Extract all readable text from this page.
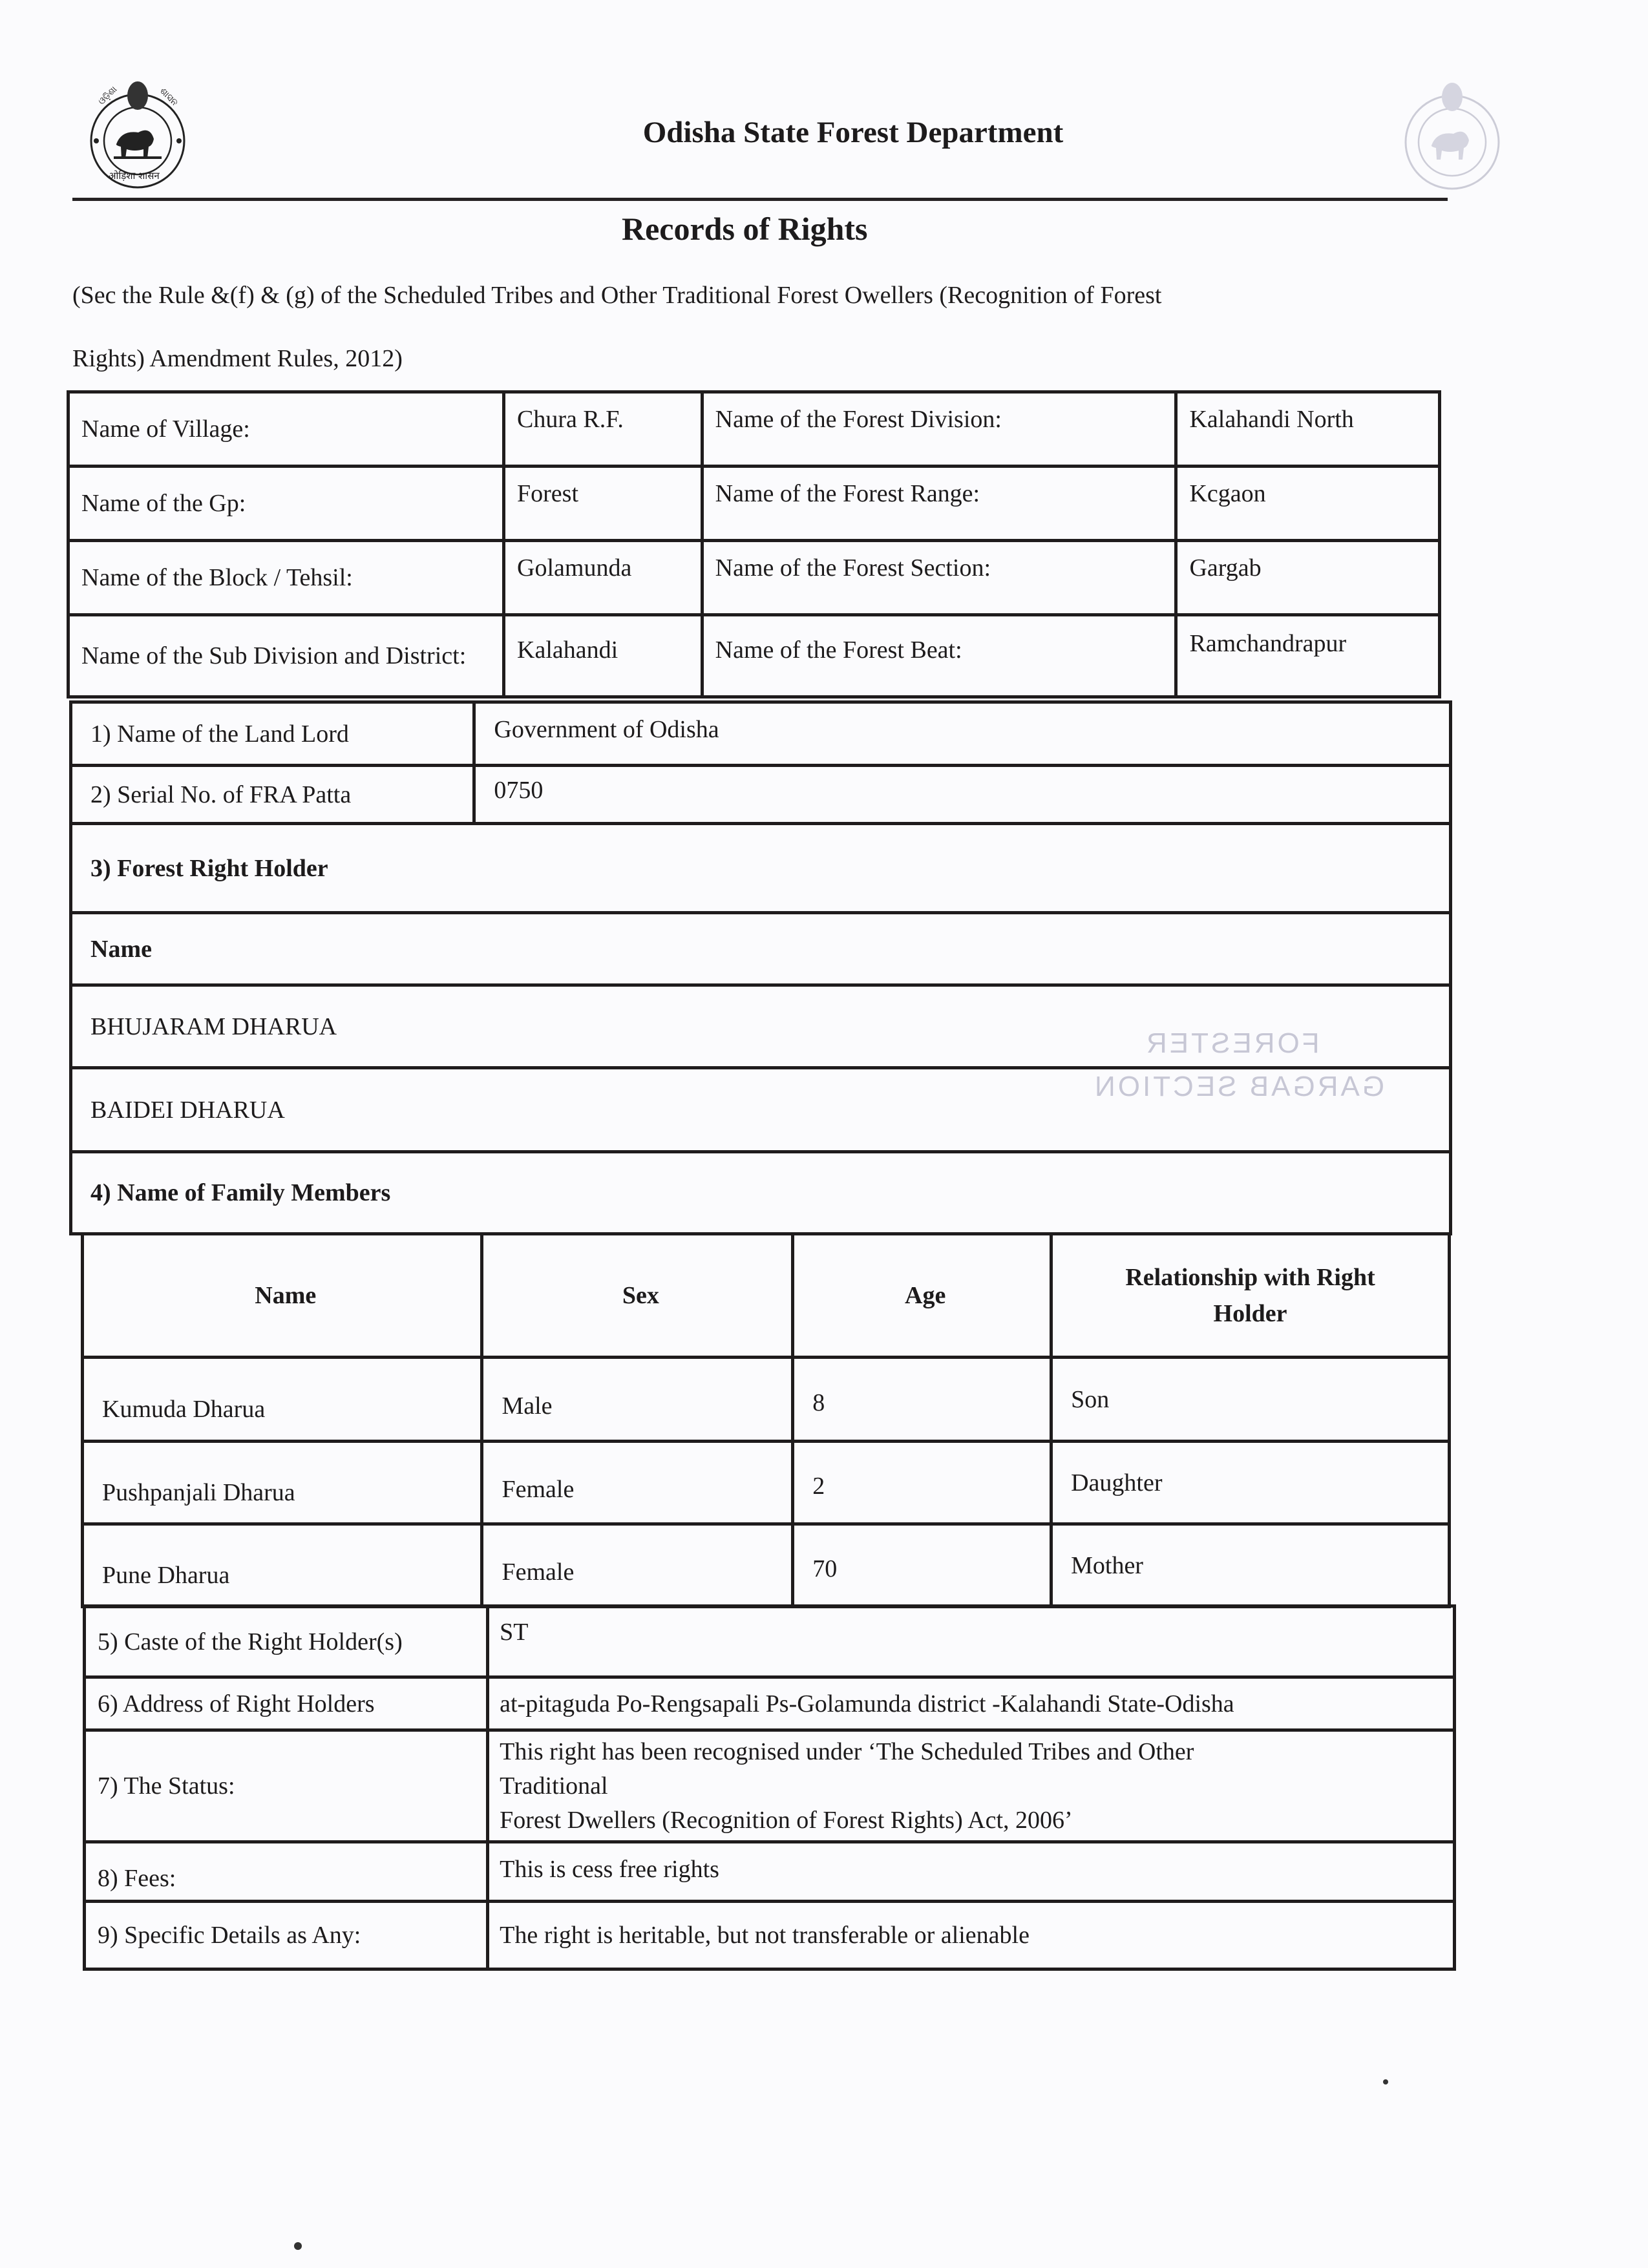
ଓଡ଼ିଶା	ଶାସନ
ओड़िशा शासन
Odisha State Forest Department
Records of Rights
(Sec the Rule &(f) & (g) of the Scheduled Tribes and Other Traditional Forest Owellers (Recognition of Forest
Rights) Amendment Rules, 2012)
FORESTER
GARGAB SECTION
Name of Village:	Chura R.F.	Name of the Forest Division:	Kalahandi North
Name of the Gp:	Forest	Name of the Forest Range:	Kcgaon
Name of the Block / Tehsil:	Golamunda	Name of the Forest Section:	Gargab
Name of the Sub Division and District:	Kalahandi	Name of the Forest Beat:	Ramchandrapur
1) Name of the Land Lord	Government of Odisha
2) Serial No. of FRA Patta	0750
3) Forest Right Holder	
Name	
BHUJARAM DHARUA	
BAIDEI DHARUA	
4) Name of Family Members	
Name	Sex	Age	Relationship with Right Holder
Kumuda Dharua	Male	8	Son
Pushpanjali Dharua	Female	2	Daughter
Pune Dharua	Female	70	Mother
5) Caste of the Right Holder(s)	ST
6) Address of Right Holders	at-pitaguda Po-Rengsapali Ps-Golamunda district -Kalahandi State-Odisha
7) The Status:	This right has been recognised under ‘The Scheduled Tribes and Other
Traditional
Forest Dwellers (Recognition of Forest Rights) Act, 2006’

8) Fees:	This is cess free rights
9) Specific Details as Any:	The right is heritable, but not transferable or alienable
